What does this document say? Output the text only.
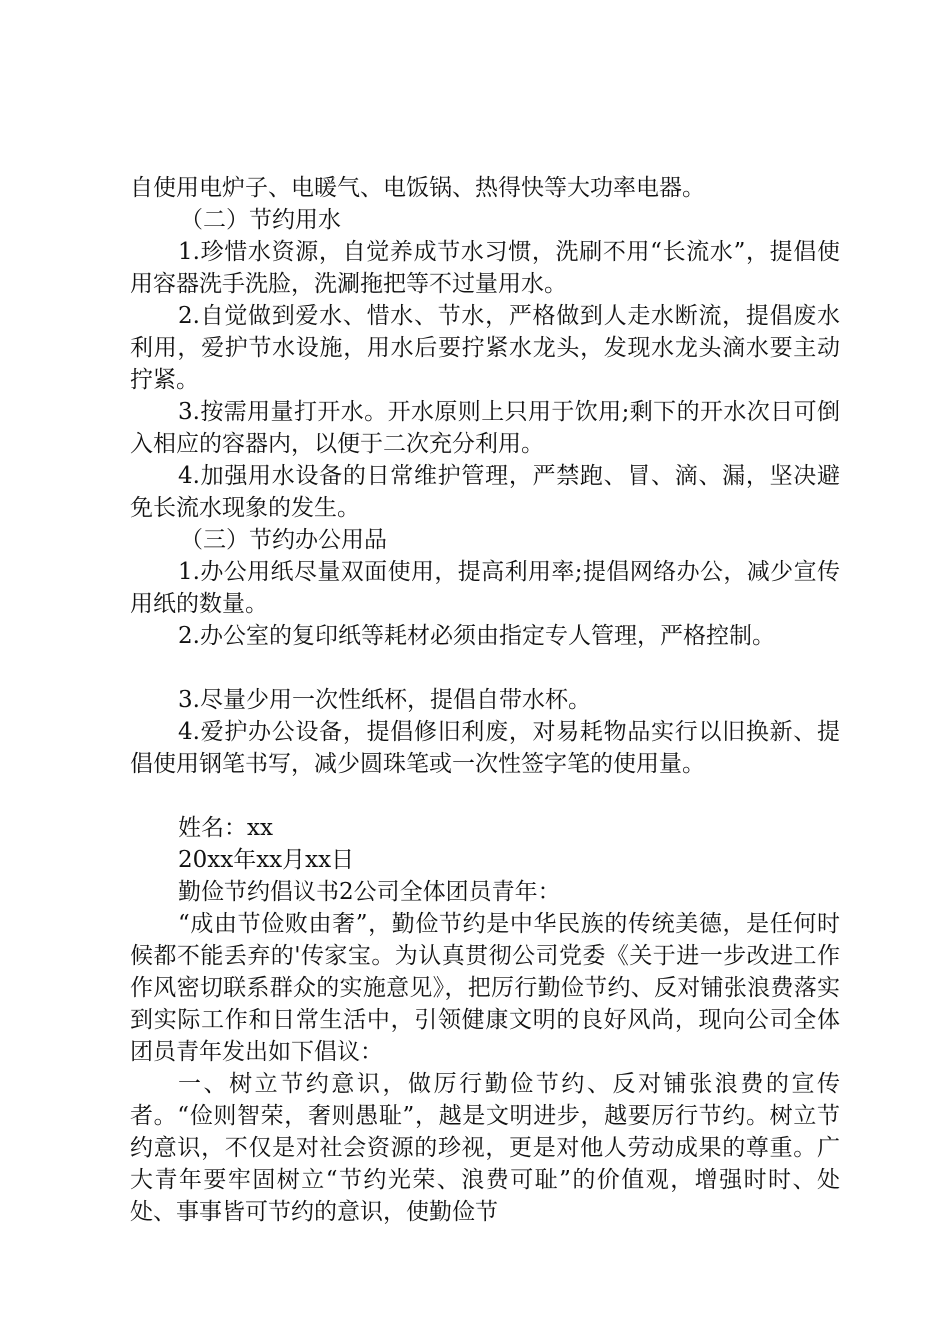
自使用电炉子、电暖气、电饭锅、热得快等大功率电器。

（二）节约用水

1.珍惜水资源，自觉养成节水习惯，洗刷不用“长流水”，提倡使用容器洗手洗脸，洗涮拖把等不过量用水。

2.自觉做到爱水、惜水、节水，严格做到人走水断流，提倡废水利用，爱护节水设施，用水后要拧紧水龙头，发现水龙头滴水要主动拧紧。

3.按需用量打开水。开水原则上只用于饮用;剩下的开水次日可倒入相应的容器内，以便于二次充分利用。

4.加强用水设备的日常维护管理，严禁跑、冒、滴、漏，坚决避免长流水现象的发生。

（三）节约办公用品

1.办公用纸尽量双面使用，提高利用率;提倡网络办公，减少宣传用纸的数量。

2.办公室的复印纸等耗材必须由指定专人管理，严格控制。

3.尽量少用一次性纸杯，提倡自带水杯。

4.爱护办公设备，提倡修旧利废，对易耗物品实行以旧换新、提倡使用钢笔书写，减少圆珠笔或一次性签字笔的使用量。

姓名：xx

20xx年xx月xx日

勤俭节约倡议书2公司全体团员青年：

“成由节俭败由奢”，勤俭节约是中华民族的传统美德，是任何时候都不能丢弃的'传家宝。为认真贯彻公司党委《关于进一步改进工作作风密切联系群众的实施意见》，把厉行勤俭节约、反对铺张浪费落实到实际工作和日常生活中，引领健康文明的良好风尚，现向公司全体团员青年发出如下倡议：

一、树立节约意识，做厉行勤俭节约、反对铺张浪费的宣传者。“俭则智荣，奢则愚耻”，越是文明进步，越要厉行节约。树立节约意识，不仅是对社会资源的珍视，更是对他人劳动成果的尊重。广大青年要牢固树立“节约光荣、浪费可耻”的价值观，增强时时、处处、事事皆可节约的意识，使勤俭节
